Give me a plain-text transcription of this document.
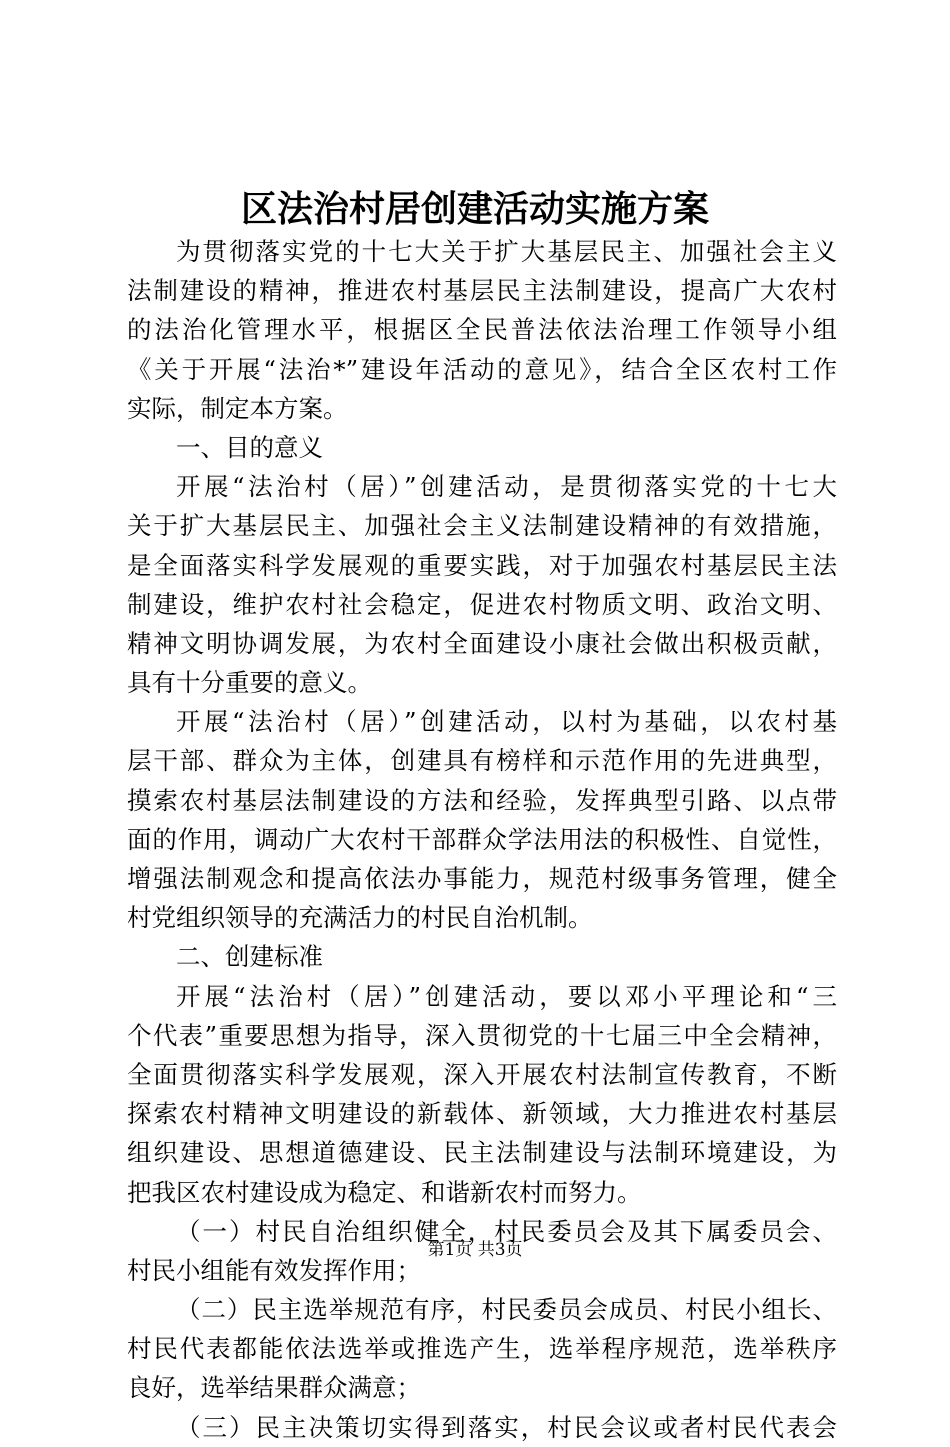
区法治村居创建活动实施方案
为贯彻落实党的十七大关于扩大基层民主、加强社会主义
法制建设的精神，推进农村基层民主法制建设，提高广大农村
的法治化管理水平，根据区全民普法依法治理工作领导小组
《关于开展“法治*”建设年活动的意见》，结合全区农村工作
实际，制定本方案。
一、目的意义
开展“法治村（居）”创建活动，是贯彻落实党的十七大
关于扩大基层民主、加强社会主义法制建设精神的有效措施，
是全面落实科学发展观的重要实践，对于加强农村基层民主法
制建设，维护农村社会稳定，促进农村物质文明、政治文明、
精神文明协调发展，为农村全面建设小康社会做出积极贡献，
具有十分重要的意义。
开展“法治村（居）”创建活动，以村为基础，以农村基
层干部、群众为主体，创建具有榜样和示范作用的先进典型，
摸索农村基层法制建设的方法和经验，发挥典型引路、以点带
面的作用，调动广大农村干部群众学法用法的积极性、自觉性，
增强法制观念和提高依法办事能力，规范村级事务管理，健全
村党组织领导的充满活力的村民自治机制。
二、创建标准
开展“法治村（居）”创建活动，要以邓小平理论和“三
个代表”重要思想为指导，深入贯彻党的十七届三中全会精神，
全面贯彻落实科学发展观，深入开展农村法制宣传教育，不断
探索农村精神文明建设的新载体、新领域，大力推进农村基层
组织建设、思想道德建设、民主法制建设与法制环境建设，为
把我区农村建设成为稳定、和谐新农村而努力。
（一）村民自治组织健全，村民委员会及其下属委员会、
村民小组能有效发挥作用；
（二）民主选举规范有序，村民委员会成员、村民小组长、
村民代表都能依法选举或推选产生，选举程序规范，选举秩序
良好，选举结果群众满意；
（三）民主决策切实得到落实，村民会议或者村民代表会
第1页 共3页
